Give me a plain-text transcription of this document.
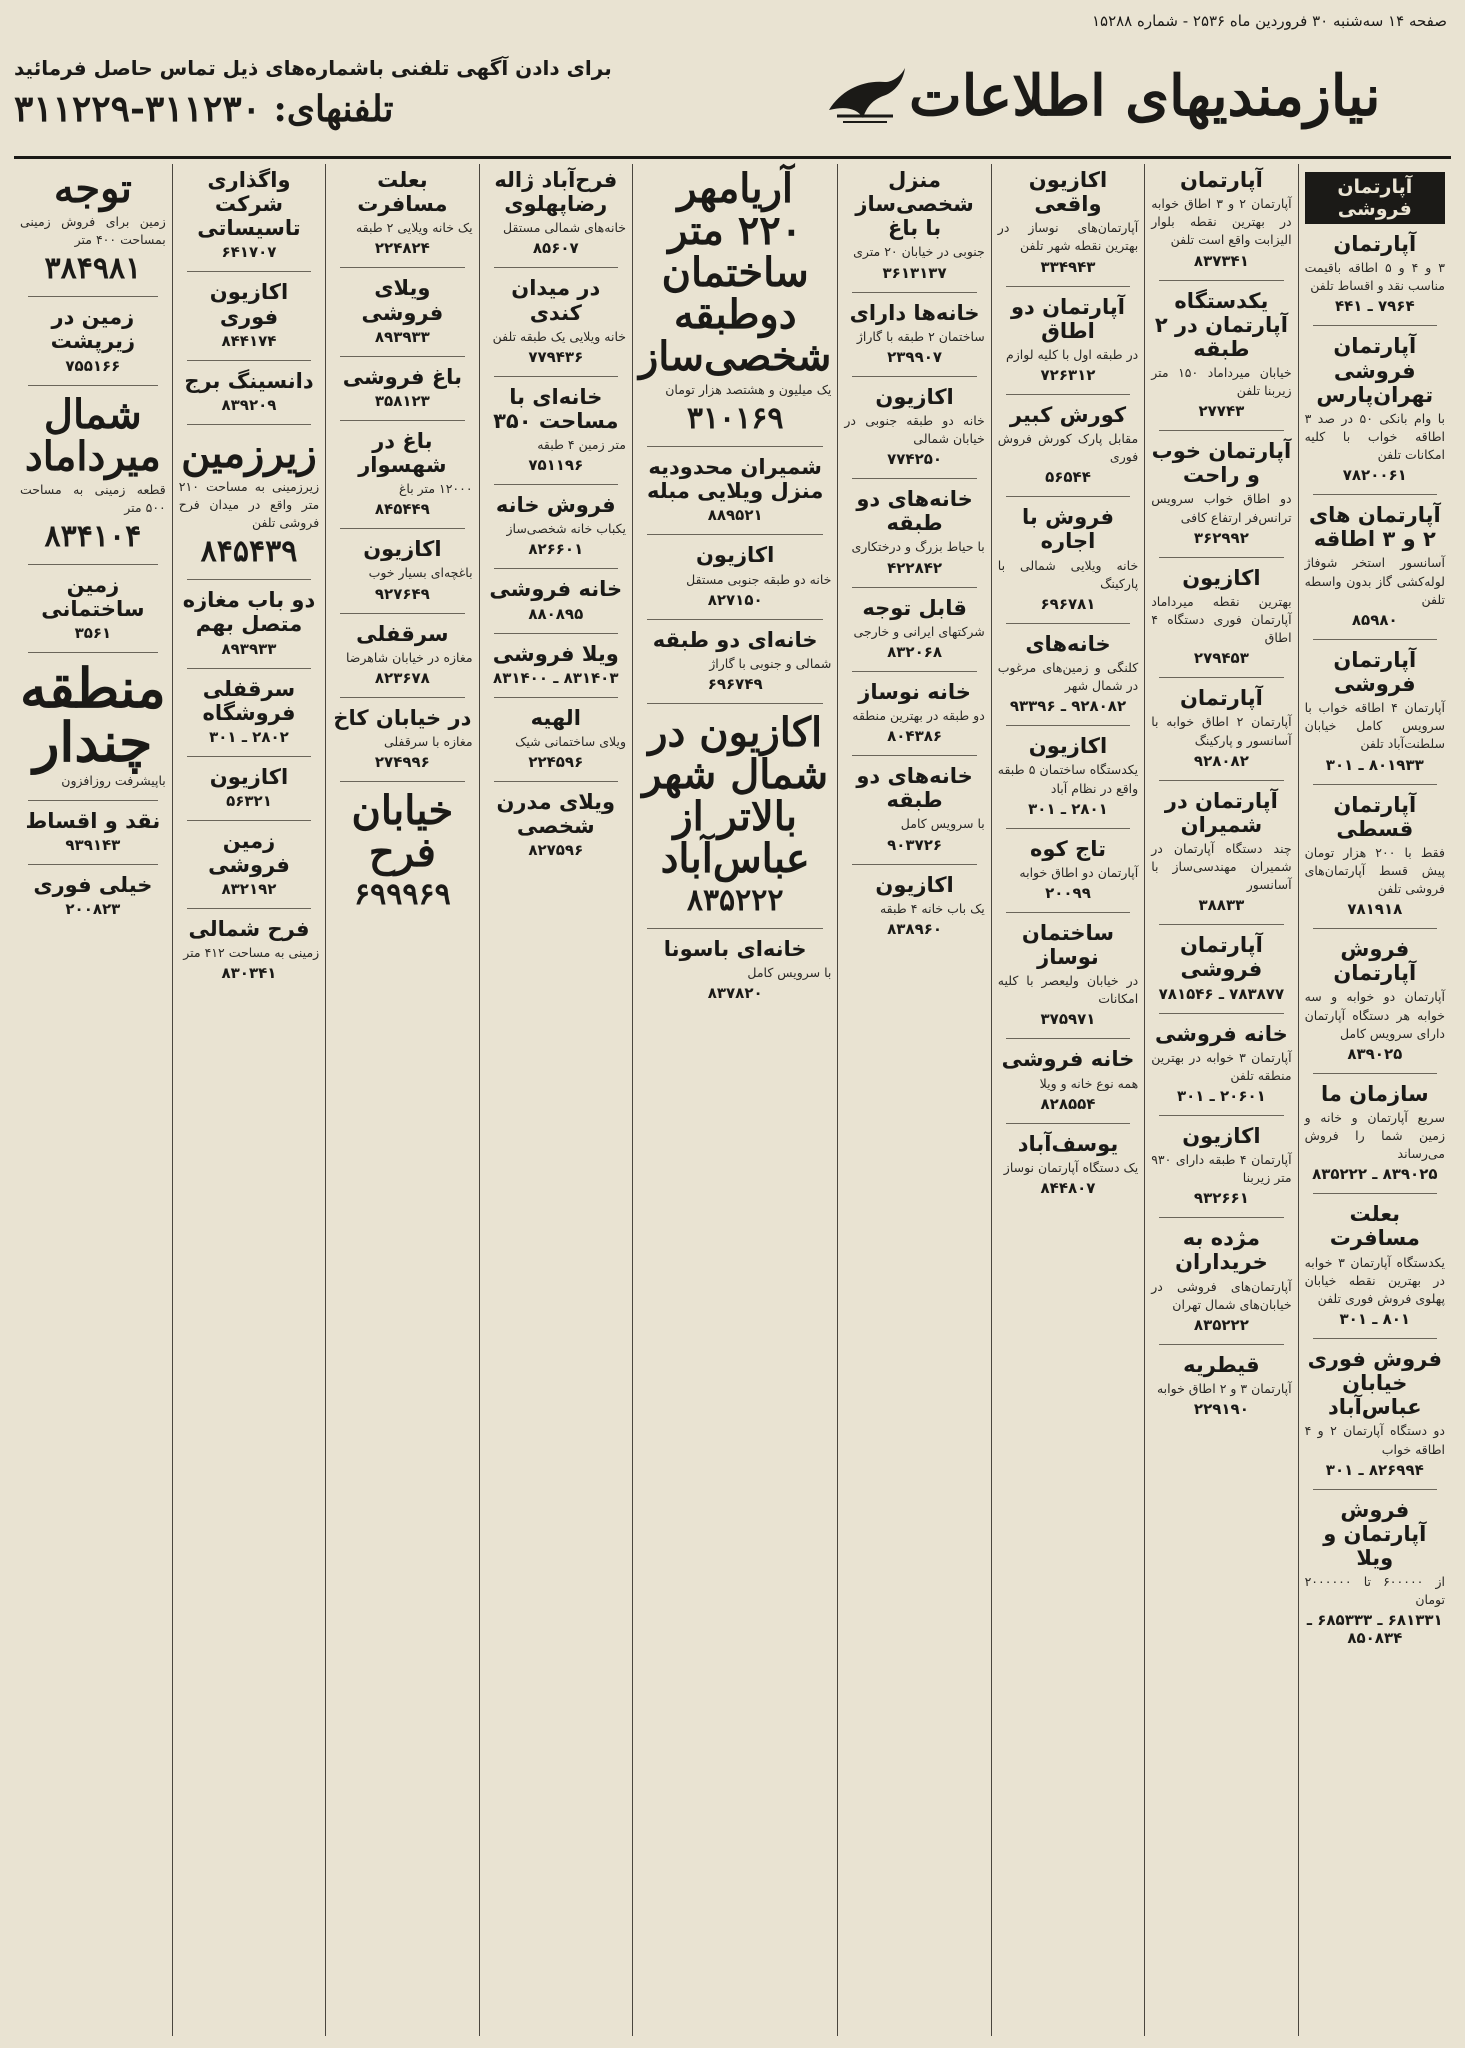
صفحه ۱۴ سه‌شنبه ۳۰ فروردین ماه ۲۵۳۶ - شماره ۱۵۲۸۸
نیازمندیهای اطلاعات
برای دادن آگهی تلفنی باشماره‌های ذیل تماس حاصل فرمائید
تلفنهای: ۳۱۱۲۳۰-۳۱۱۲۲۹
آپارتمان فروشی
آپارتمان
۳ و ۴ و ۵ اطاقه باقیمت مناسب نقد و اقساط تلفن
۷۹۶۴ ـ ۴۴۱
آپارتمان فروشی تهران‌پارس
با وام بانکی ۵۰ در صد ۳ اطاقه خواب با کلیه امکانات تلفن
۷۸۲۰۰۶۱
آپارتمان های ۲ و ۳ اطاقه
آسانسور استخر شوفاژ لوله‌کشی گاز بدون واسطه تلفن
۸۵۹۸۰
آپارتمان فروشی
آپارتمان ۴ اطاقه خواب با سرویس کامل خیابان سلطنت‌آباد تلفن
۸۰۱۹۳۳ ـ ۳۰۱
آپارتمان قسطی
فقط با ۲۰۰ هزار تومان پیش قسط آپارتمان‌های فروشی تلفن
۷۸۱۹۱۸
فروش آپارتمان
آپارتمان دو خوابه و سه خوابه هر دستگاه آپارتمان دارای سرویس کامل
۸۳۹۰۲۵
سازمان ما
سریع آپارتمان و خانه و زمین شما را فروش می‌رساند
۸۳۹۰۲۵ ـ ۸۳۵۲۲۲
بعلت مسافرت
یکدستگاه آپارتمان ۳ خوابه در بهترین نقطه خیابان پهلوی فروش فوری تلفن
۸۰۱ ـ ۳۰۱
فروش فوری خیابان عباس‌آباد
دو دستگاه آپارتمان ۲ و ۴ اطاقه خواب
۸۲۶۹۹۴ ـ ۳۰۱
فروش آپارتمان و ویلا
از ۶۰۰۰۰۰ تا ۲۰۰۰۰۰۰ تومان
۶۸۱۳۳۱ ـ ۶۸۵۳۳۳ ـ ۸۵۰۸۳۴
آپارتمان
آپارتمان ۲ و ۳ اطاق خوابه در بهترین نقطه بلوار الیزابت واقع است تلفن
۸۳۷۳۴۱
یکدستگاه آپارتمان در ۲ طبقه
خیابان میرداماد ۱۵۰ متر زیربنا تلفن
۲۷۷۴۳
آپارتمان خوب و راحت
دو اطاق خواب سرویس ترانس‌فر ارتفاع کافی
۳۶۲۹۹۲
اکازیون
بهترین نقطه میرداماد آپارتمان فوری دستگاه ۴ اطاق
۲۷۹۴۵۳
آپارتمان
آپارتمان ۲ اطاق خوابه با آسانسور و پارکینگ
۹۲۸۰۸۲
آپارتمان در شمیران
چند دستگاه آپارتمان در شمیران مهندسی‌ساز با آسانسور
۳۸۸۳۳
آپارتمان فروشی
۷۸۳۸۷۷ ـ ۷۸۱۵۴۶
خانه فروشی
آپارتمان ۳ خوابه در بهترین منطقه تلفن
۲۰۶۰۱ ـ ۳۰۱
اکازیون
آپارتمان ۴ طبقه دارای ۹۳۰ متر زیربنا
۹۳۲۶۶۱
مژده به خریداران
آپارتمان‌های فروشی در خیابان‌های شمال تهران
۸۳۵۲۲۲
قیطریه
آپارتمان ۳ و ۲ اطاق خوابه
۲۲۹۱۹۰
اکازیون واقعی
آپارتمان‌های نوساز در بهترین نقطه شهر تلفن
۳۳۴۹۴۳
آپارتمان دو اطاق
در طبقه اول با کلیه لوازم
۷۲۶۳۱۲
کورش کبیر
مقابل پارک کورش فروش فوری
۵۶۵۴۴
فروش با اجاره
خانه ویلایی شمالی با پارکینگ
۶۹۶۷۸۱
خانه‌های
کلنگی و زمین‌های مرغوب در شمال شهر
۹۲۸۰۸۲ ـ ۹۳۳۹۶
اکازیون
یکدستگاه ساختمان ۵ طبقه واقع در نظام آباد
۲۸۰۱ ـ ۳۰۱
تاج کوه
آپارتمان دو اطاق خوابه
۲۰۰۹۹
ساختمان نوساز
در خیابان ولیعصر با کلیه امکانات
۳۷۵۹۷۱
خانه فروشی
همه نوع خانه و ویلا
۸۲۸۵۵۴
یوسف‌آباد
یک دستگاه آپارتمان نوساز
۸۴۴۸۰۷
منزل شخصی‌ساز با باغ
جنوبی در خیابان ۲۰ متری
۳۶۱۳۱۳۷
خانه‌ها دارای
ساختمان ۲ طبقه با گاراژ
۲۳۹۹۰۷
اکازیون
خانه دو طبقه جنوبی در خیابان شمالی
۷۷۴۲۵۰
خانه‌های دو طبقه
با حیاط بزرگ و درختکاری
۴۲۲۸۴۲
قابل توجه
شرکتهای ایرانی و خارجی
۸۳۲۰۶۸
خانه نوساز
دو طبقه در بهترین منطقه
۸۰۴۳۸۶
خانه‌های دو طبقه
با سرویس کامل
۹۰۳۷۲۶
اکازیون
یک باب خانه ۴ طبقه
۸۳۸۹۶۰
آریامهر ۲۲۰ متر ساختمان دوطبقه شخصی‌ساز
یک میلیون و هشتصد هزار تومان
۳۱۰۱۶۹
شمیران محدودیه منزل ویلایی مبله
۸۸۹۵۲۱
اکازیون
خانه دو طبقه جنوبی مستقل
۸۲۷۱۵۰
خانه‌ای دو طبقه
شمالی و جنوبی با گاراژ
۶۹۶۷۴۹
اکازیون در شمال شهر بالاتر از عباس‌آباد
۸۳۵۲۲۲
خانه‌ای باسونا
با سرویس کامل
۸۳۷۸۲۰
فرح‌آباد ژاله رضاپهلوی
خانه‌های شمالی مستقل
۸۵۶۰۷
در میدان کندی
خانه ویلایی یک طبقه تلفن
۷۷۹۴۳۶
خانه‌ای با مساحت ۳۵۰
متر زمین ۴ طبقه
۷۵۱۱۹۶
فروش خانه
یکباب خانه شخصی‌ساز
۸۲۶۶۰۱
خانه فروشی
۸۸۰۸۹۵
ویلا فروشی
۸۳۱۴۰۳ ـ ۸۳۱۴۰۰
الهیه
ویلای ساختمانی شیک
۲۲۴۵۹۶
ویلای مدرن شخصی
۸۲۷۵۹۶
بعلت مسافرت
یک خانه ویلایی ۲ طبقه
۲۲۴۸۲۴
ویلای فروشی
۸۹۳۹۳۳
باغ فروشی
۳۵۸۱۲۳
باغ در شهسوار
۱۲۰۰۰ متر باغ
۸۴۵۴۴۹
اکازیون
باغچه‌ای بسیار خوب
۹۲۷۶۴۹
سرقفلی
مغازه در خیابان شاهرضا
۸۲۳۶۷۸
در خیابان کاخ
مغازه با سرقفلی
۲۷۴۹۹۶
خیابان فرح
۶۹۹۹۶۹
واگذاری شرکت تاسیساتی
۶۴۱۷۰۷
اکازیون فوری
۸۴۴۱۷۴
دانسینگ برج
۸۳۹۲۰۹
زیرزمین
زیرزمینی به مساحت ۲۱۰ متر واقع در میدان فرح فروشی تلفن
۸۴۵۴۳۹
دو باب مغازه متصل بهم
۸۹۳۹۳۳
سرقفلی فروشگاه
۲۸۰۲ ـ ۳۰۱
اکازیون
۵۶۳۲۱
زمین فروشی
۸۳۲۱۹۲
فرح شمالی
زمینی به مساحت ۴۱۲ متر
۸۳۰۳۴۱
توجه
زمین برای فروش زمینی بمساحت ۴۰۰ متر
۳۸۴۹۸۱
زمین در زیرپشت
۷۵۵۱۶۶
شمال میرداماد
قطعه زمینی به مساحت ۵۰۰ متر
۸۳۴۱۰۴
زمین ساختمانی
۳۵۶۱
منطقه چندار
باپیشرفت روزافزون
نقد و اقساط
۹۳۹۱۴۳
خیلی فوری
۲۰۰۸۲۳
